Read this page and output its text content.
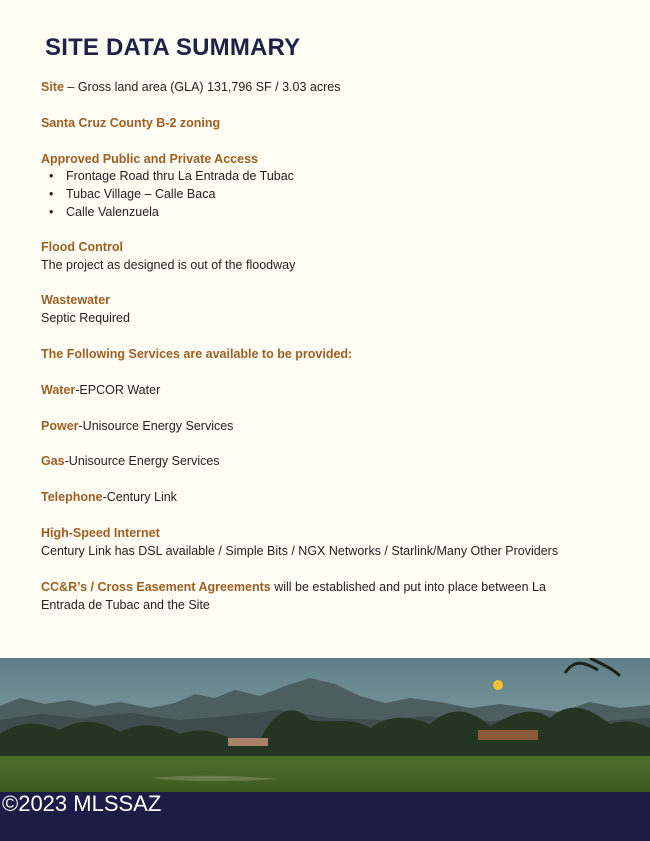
SITE DATA SUMMARY
Site – Gross land area (GLA) 131,796 SF / 3.03 acres
Santa Cruz County B-2 zoning
Approved Public and Private Access
• Frontage Road thru La Entrada de Tubac
• Tubac Village – Calle Baca
• Calle Valenzuela
Flood Control
The project as designed is out of the floodway
Wastewater
Septic Required
The Following Services are available to be provided:
Water-EPCOR Water
Power-Unisource Energy Services
Gas-Unisource Energy Services
Telephone-Century Link
High-Speed Internet
Century Link has DSL available / Simple Bits / NGX Networks / Starlink/Many Other Providers
CC&R’s / Cross Easement Agreements will be established and put into place between La
Entrada de Tubac and the Site
©2023 MLSSAZ
